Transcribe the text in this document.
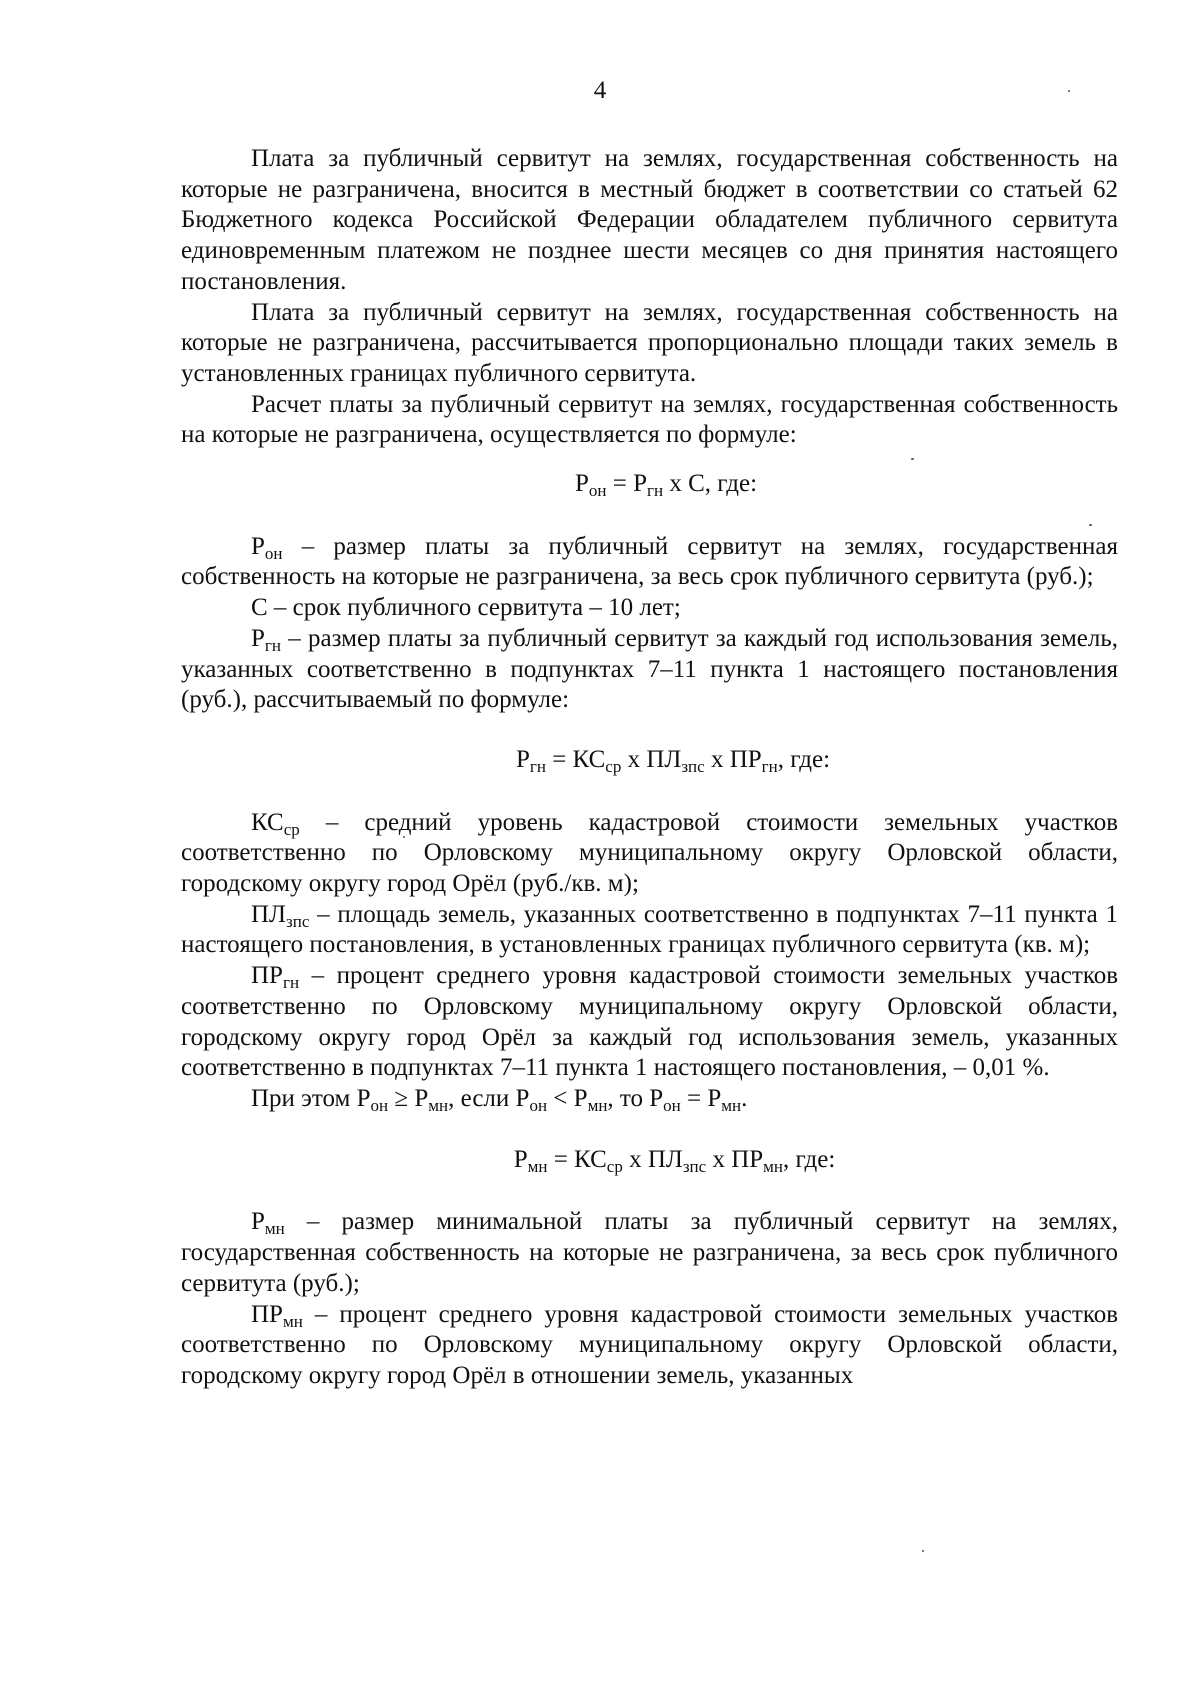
4

Плата за публичный сервитут на землях, государственная собственность на которые не разграничена, вносится в местный бюджет в соответствии со статьей 62 Бюджетного кодекса Российской Федерации обладателем публичного сервитута единовременным платежом не позднее шести месяцев со дня принятия настоящего постановления.

Плата за публичный сервитут на землях, государственная собственность на которые не разграничена, рассчитывается пропорционально площади таких земель в установленных границах публичного сервитута.

Расчет платы за публичный сервитут на землях, государственная собственность на которые не разграничена, осуществляется по формуле:

$Р_{он} = Р_{гн}$ х С, где:

$Р_{он}$ – размер платы за публичный сервитут на землях, государственная собственность на которые не разграничена, за весь срок публичного сервитута (руб.);

С – срок публичного сервитута – 10 лет;

$Р_{гн}$ – размер платы за публичный сервитут за каждый год использования земель, указанных соответственно в подпунктах 7–11 пункта 1 настоящего постановления (руб.), рассчитываемый по формуле:

$Р_{гн} = КС_{ср}$ х $ПЛ_{зпс}$ х $ПР_{гн}$, где:

$КС_{ср}$ – средний уровень кадастровой стоимости земельных участков соответственно по Орловскому муниципальному округу Орловской области, городскому округу город Орёл (руб./кв. м);

$ПЛ_{зпс}$ – площадь земель, указанных соответственно в подпунктах 7–11 пункта 1 настоящего постановления, в установленных границах публичного сервитута (кв. м);

$ПР_{гн}$ – процент среднего уровня кадастровой стоимости земельных участков соответственно по Орловскому муниципальному округу Орловской области, городскому округу город Орёл за каждый год использования земель, указанных соответственно в подпунктах 7–11 пункта 1 настоящего постановления, – 0,01 %.

При этом $Р_{он} \ge Р_{мн}$, если $Р_{он} < Р_{мн}$, то $Р_{он} = Р_{мн}$.

$Р_{мн} = КС_{ср}$ х $ПЛ_{зпс}$ х $ПР_{мн}$, где:

$Р_{мн}$ – размер минимальной платы за публичный сервитут на землях, государственная собственность на которые не разграничена, за весь срок публичного сервитута (руб.);

$ПР_{мн}$ – процент среднего уровня кадастровой стоимости земельных участков соответственно по Орловскому муниципальному округу Орловской области, городскому округу город Орёл в отношении земель, указанных
